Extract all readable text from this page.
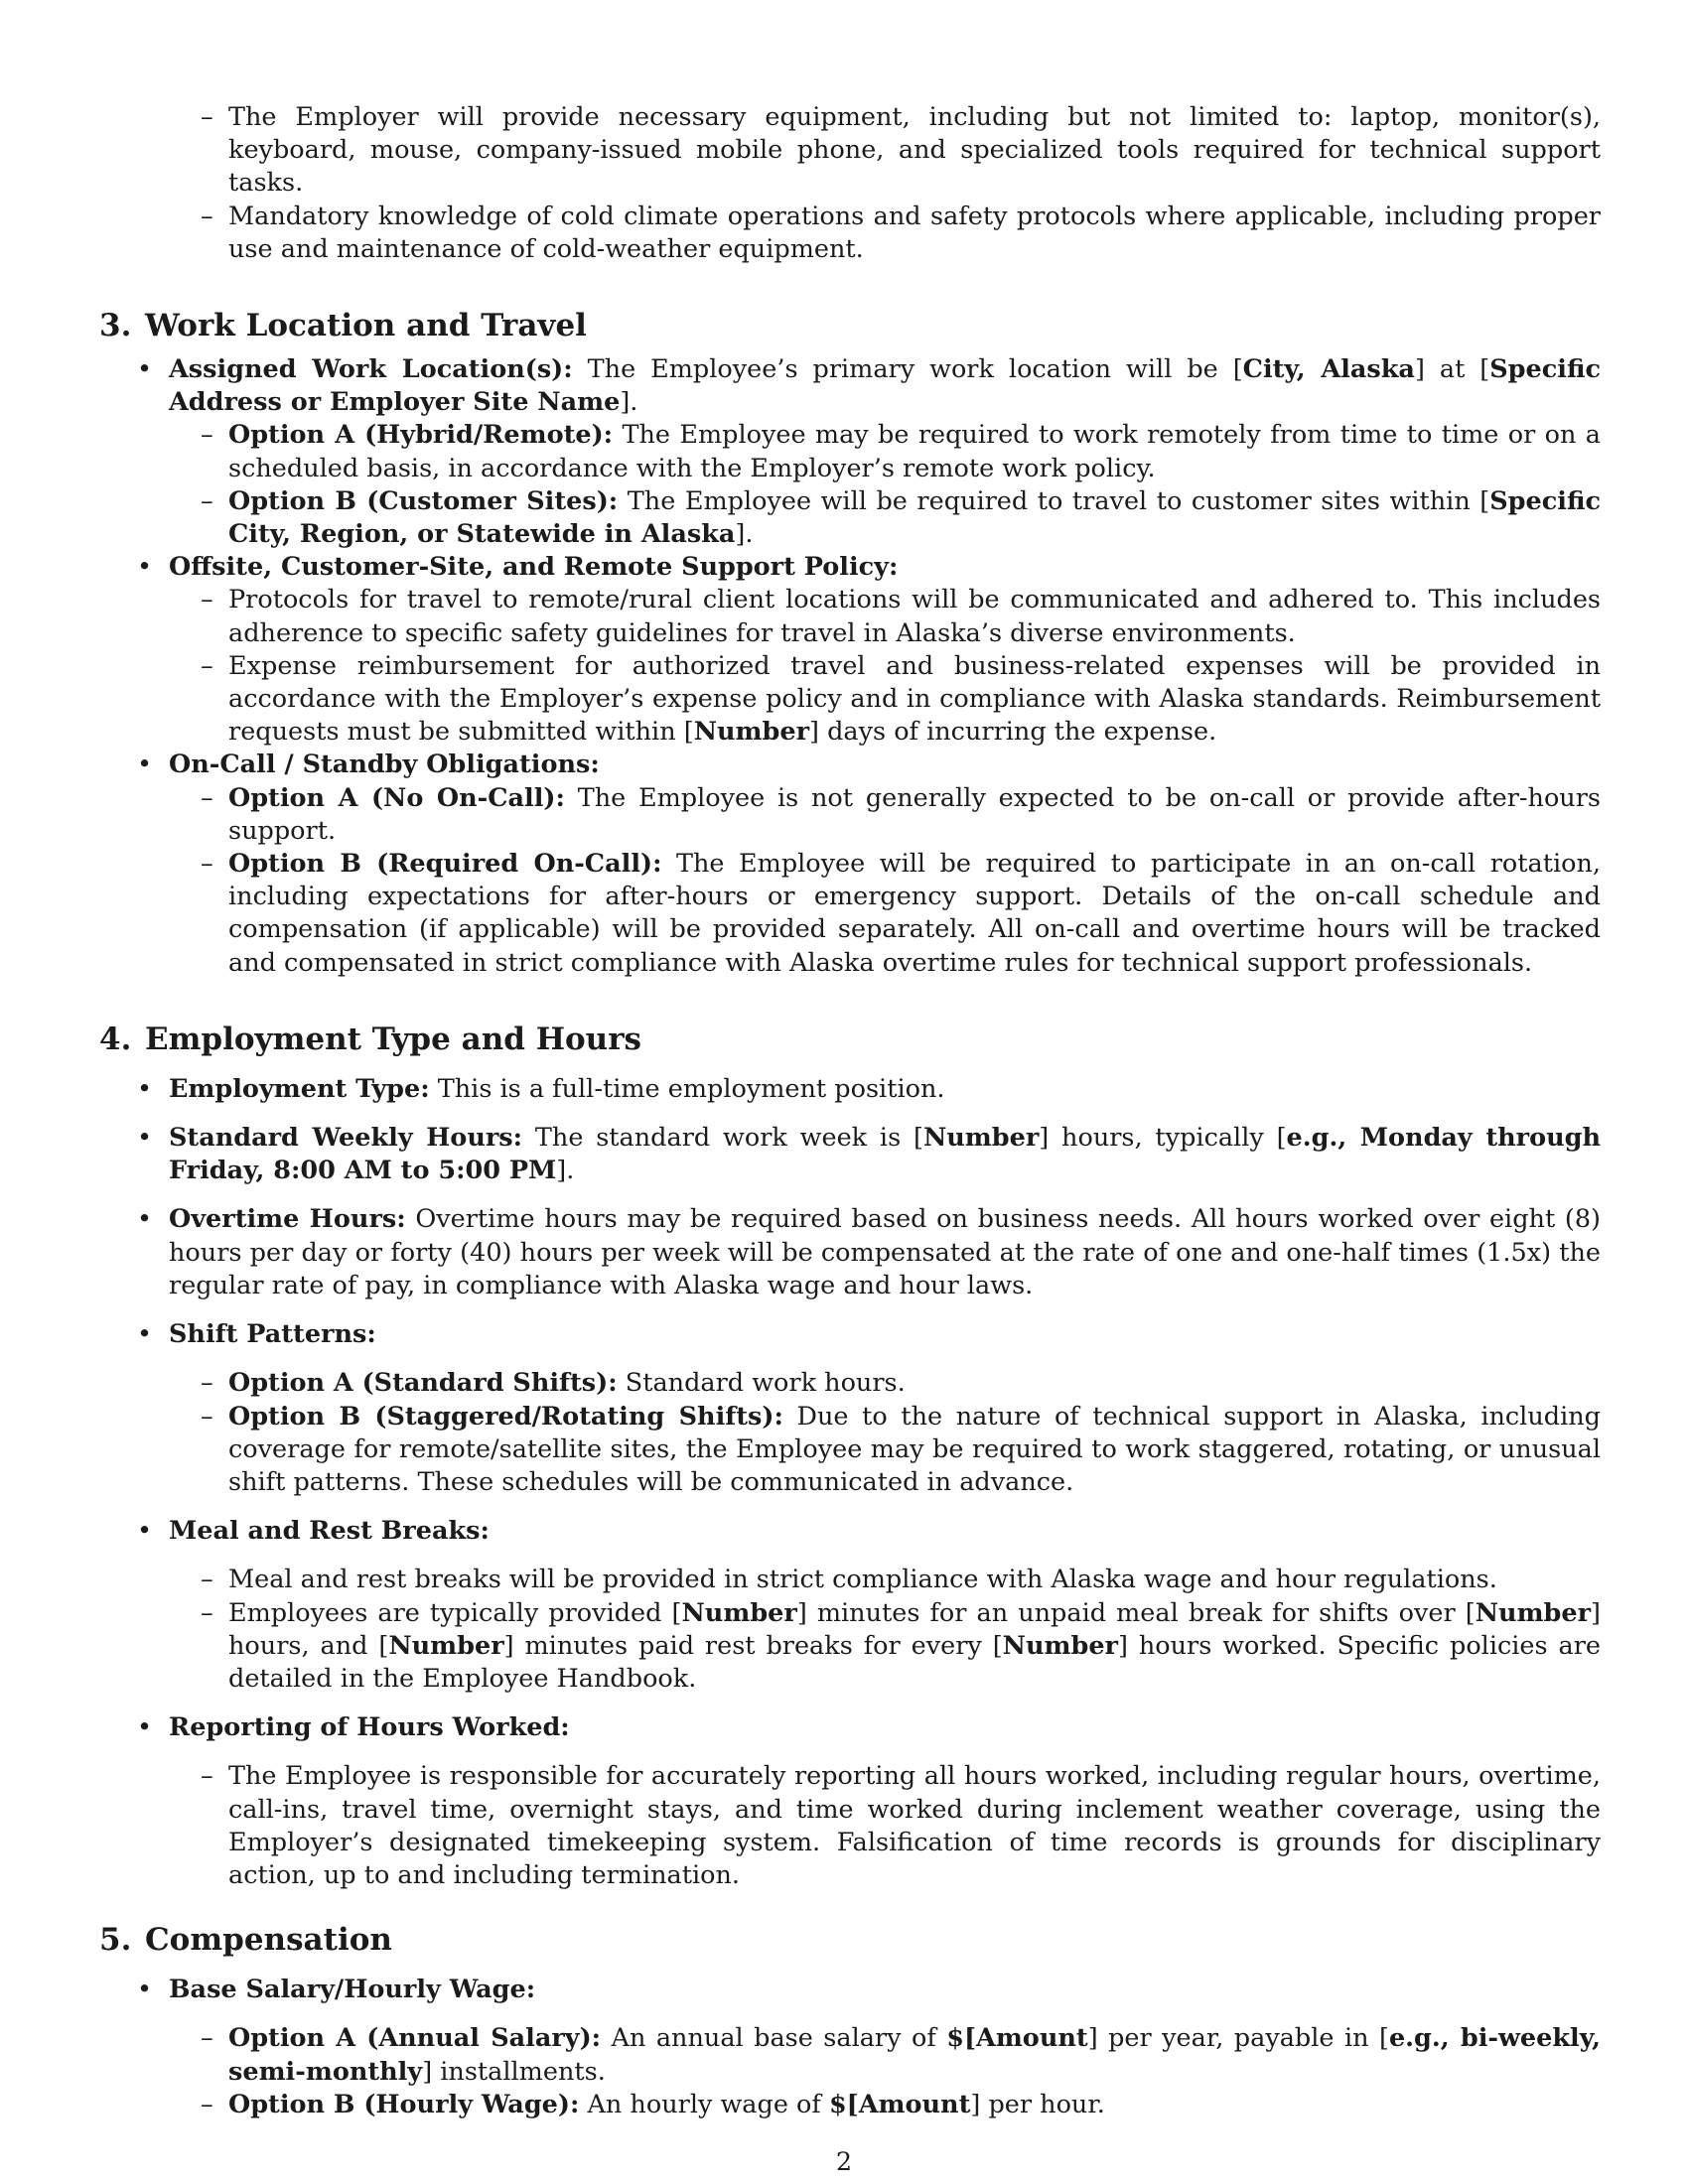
– The Employer will provide necessary equipment, including but not limited to: laptop, monitor(s), keyboard, mouse, company-issued mobile phone, and specialized tools required for technical support tasks.
– Mandatory knowledge of cold climate operations and safety protocols where applicable, including proper use and maintenance of cold-weather equipment.
3. Work Location and Travel
• Assigned Work Location(s): The Employee’s primary work location will be [City, Alaska] at [Specific Address or Employer Site Name].
– Option A (Hybrid/Remote): The Employee may be required to work remotely from time to time or on a scheduled basis, in accordance with the Employer’s remote work policy.
– Option B (Customer Sites): The Employee will be required to travel to customer sites within [Specific City, Region, or Statewide in Alaska].
• Offsite, Customer-Site, and Remote Support Policy:
– Protocols for travel to remote/rural client locations will be communicated and adhered to. This includes adherence to specific safety guidelines for travel in Alaska’s diverse environments.
– Expense reimbursement for authorized travel and business-related expenses will be provided in accordance with the Employer’s expense policy and in compliance with Alaska standards. Reimbursement requests must be submitted within [Number] days of incurring the expense.
• On-Call / Standby Obligations:
– Option A (No On-Call): The Employee is not generally expected to be on-call or provide after-hours support.
– Option B (Required On-Call): The Employee will be required to participate in an on-call rotation, including expectations for after-hours or emergency support. Details of the on-call schedule and compensation (if applicable) will be provided separately. All on-call and overtime hours will be tracked and compensated in strict compliance with Alaska overtime rules for technical support professionals.
4. Employment Type and Hours
• Employment Type: This is a full-time employment position.
• Standard Weekly Hours: The standard work week is [Number] hours, typically [e.g., Monday through Friday, 8:00 AM to 5:00 PM].
• Overtime Hours: Overtime hours may be required based on business needs. All hours worked over eight (8) hours per day or forty (40) hours per week will be compensated at the rate of one and one-half times (1.5x) the regular rate of pay, in compliance with Alaska wage and hour laws.
• Shift Patterns:
– Option A (Standard Shifts): Standard work hours.
– Option B (Staggered/Rotating Shifts): Due to the nature of technical support in Alaska, including coverage for remote/satellite sites, the Employee may be required to work staggered, rotating, or unusual shift patterns. These schedules will be communicated in advance.
• Meal and Rest Breaks:
– Meal and rest breaks will be provided in strict compliance with Alaska wage and hour regulations.
– Employees are typically provided [Number] minutes for an unpaid meal break for shifts over [Number] hours, and [Number] minutes paid rest breaks for every [Number] hours worked. Specific policies are detailed in the Employee Handbook.
• Reporting of Hours Worked:
– The Employee is responsible for accurately reporting all hours worked, including regular hours, overtime, call-ins, travel time, overnight stays, and time worked during inclement weather coverage, using the Employer’s designated timekeeping system. Falsification of time records is grounds for disciplinary action, up to and including termination.
5. Compensation
• Base Salary/Hourly Wage:
– Option A (Annual Salary): An annual base salary of $[Amount] per year, payable in [e.g., bi-weekly, semi-monthly] installments.
– Option B (Hourly Wage): An hourly wage of $[Amount] per hour.
2
